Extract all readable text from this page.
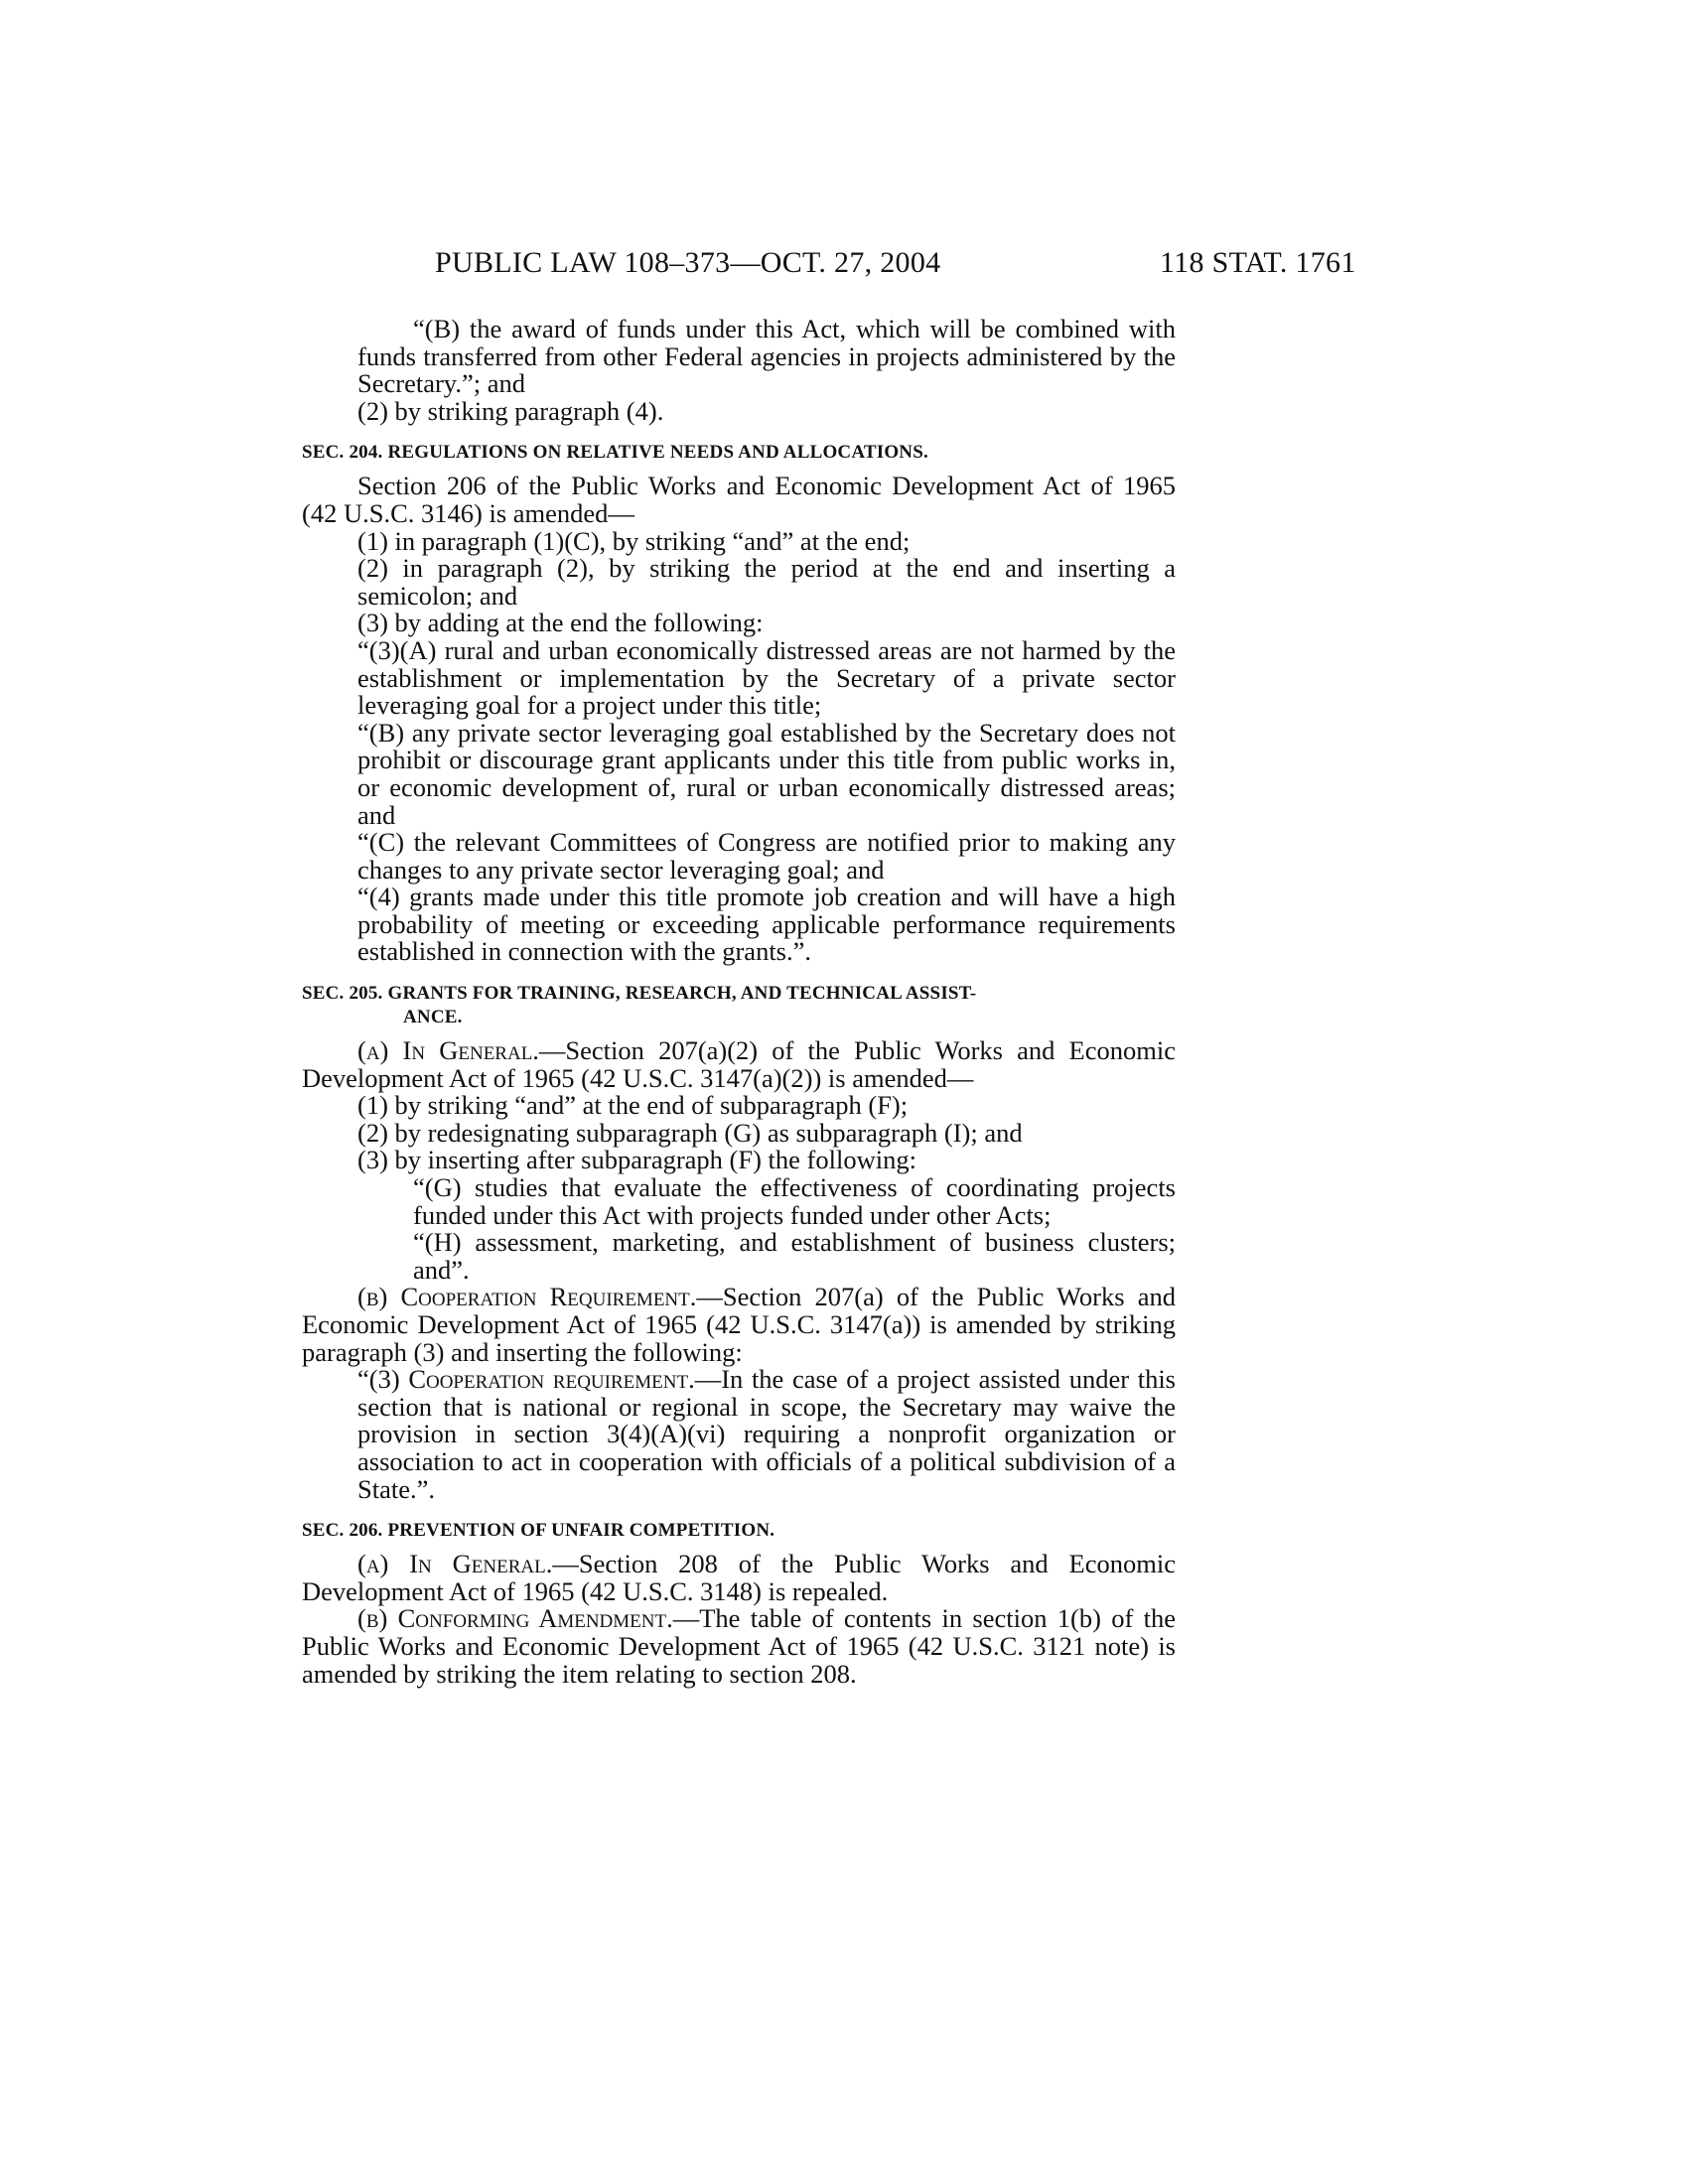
PUBLIC LAW 108–373—OCT. 27, 2004	118 STAT. 1761

“(B) the award of funds under this Act, which will be combined with funds transferred from other Federal agencies in projects administered by the Secretary.”; and

(2) by striking paragraph (4).

SEC. 204. REGULATIONS ON RELATIVE NEEDS AND ALLOCATIONS.

Section 206 of the Public Works and Economic Development Act of 1965 (42 U.S.C. 3146) is amended—

(1) in paragraph (1)(C), by striking “and” at the end;

(2) in paragraph (2), by striking the period at the end and inserting a semicolon; and

(3) by adding at the end the following:

“(3)(A) rural and urban economically distressed areas are not harmed by the establishment or implementation by the Secretary of a private sector leveraging goal for a project under this title;

“(B) any private sector leveraging goal established by the Secretary does not prohibit or discourage grant applicants under this title from public works in, or economic development of, rural or urban economically distressed areas; and

“(C) the relevant Committees of Congress are notified prior to making any changes to any private sector leveraging goal; and

“(4) grants made under this title promote job creation and will have a high probability of meeting or exceeding applicable performance requirements established in connection with the grants.”.

SEC. 205. GRANTS FOR TRAINING, RESEARCH, AND TECHNICAL ASSIST-
ANCE.

(a) In General.—Section 207(a)(2) of the Public Works and Economic Development Act of 1965 (42 U.S.C. 3147(a)(2)) is amended—

(1) by striking “and” at the end of subparagraph (F);

(2) by redesignating subparagraph (G) as subparagraph (I); and

(3) by inserting after subparagraph (F) the following:

“(G) studies that evaluate the effectiveness of coordinating projects funded under this Act with projects funded under other Acts;

“(H) assessment, marketing, and establishment of business clusters; and”.

(b) Cooperation Requirement.—Section 207(a) of the Public Works and Economic Development Act of 1965 (42 U.S.C. 3147(a)) is amended by striking paragraph (3) and inserting the following:

“(3) Cooperation requirement.—In the case of a project assisted under this section that is national or regional in scope, the Secretary may waive the provision in section 3(4)(A)(vi) requiring a nonprofit organization or association to act in cooperation with officials of a political subdivision of a State.”.

SEC. 206. PREVENTION OF UNFAIR COMPETITION.

(a) In General.—Section 208 of the Public Works and Economic Development Act of 1965 (42 U.S.C. 3148) is repealed.

(b) Conforming Amendment.—The table of contents in section 1(b) of the Public Works and Economic Development Act of 1965 (42 U.S.C. 3121 note) is amended by striking the item relating to section 208.
